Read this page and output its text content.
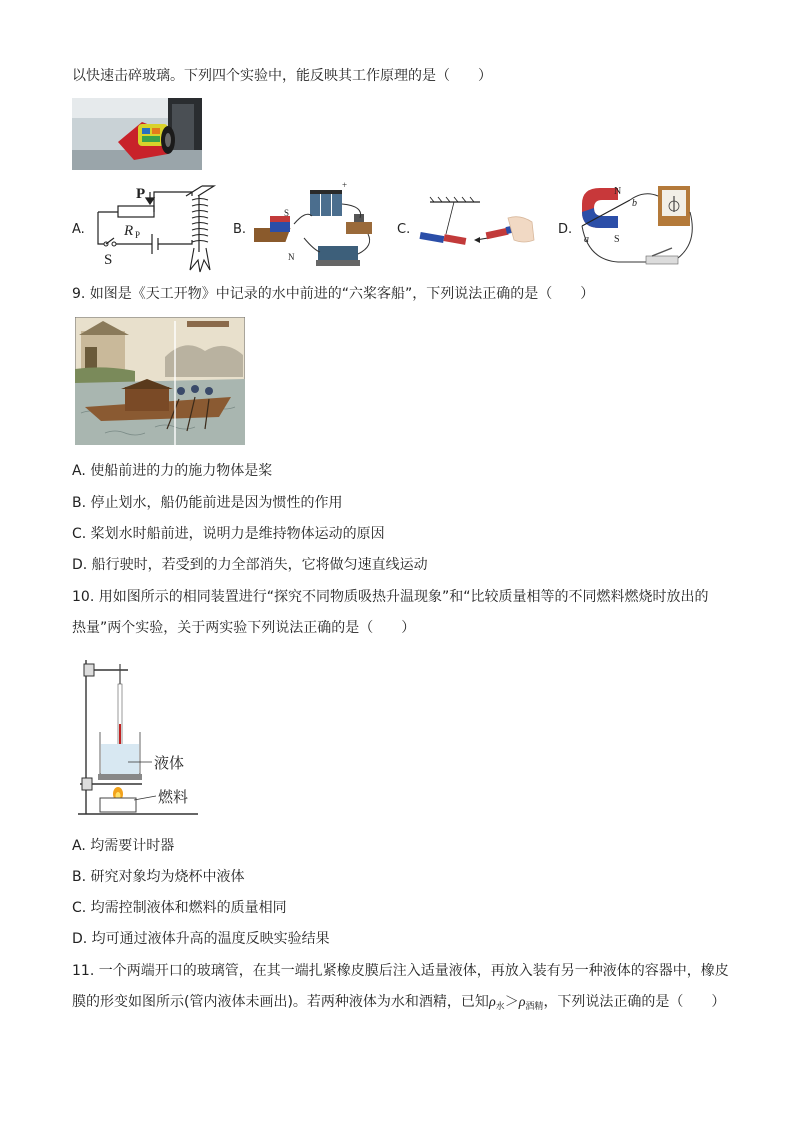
以快速击碎玻璃。下列四个实验中，能反映其工作原理的是（　　）
A.	B.	C.	D.
P
R P
S
S
N
+
N
S
a
b
9. 如图是《天工开物》中记录的水中前进的“六桨客船”，下列说法正确的是（　　）
A. 使船前进的力的施力物体是桨
B. 停止划水，船仍能前进是因为惯性的作用
C. 桨划水时船前进，说明力是维持物体运动的原因
D. 船行驶时，若受到的力全部消失，它将做匀速直线运动
10. 用如图所示的相同装置进行“探究不同物质吸热升温现象”和“比较质量相等的不同燃料燃烧时放出的
热量”两个实验，关于两实验下列说法正确的是（　　）
液体
燃料
A. 均需要计时器
B. 研究对象均为烧杯中液体
C. 均需控制液体和燃料的质量相同
D. 均可通过液体升高的温度反映实验结果
11. 一个两端开口的玻璃管，在其一端扎紧橡皮膜后注入适量液体，再放入装有另一种液体的容器中，橡皮
膜的形变如图所示(管内液体未画出)。若两种液体为水和酒精，已知$\rho_水>\rho_{酒精}$，下列说法正确的是（　　）
